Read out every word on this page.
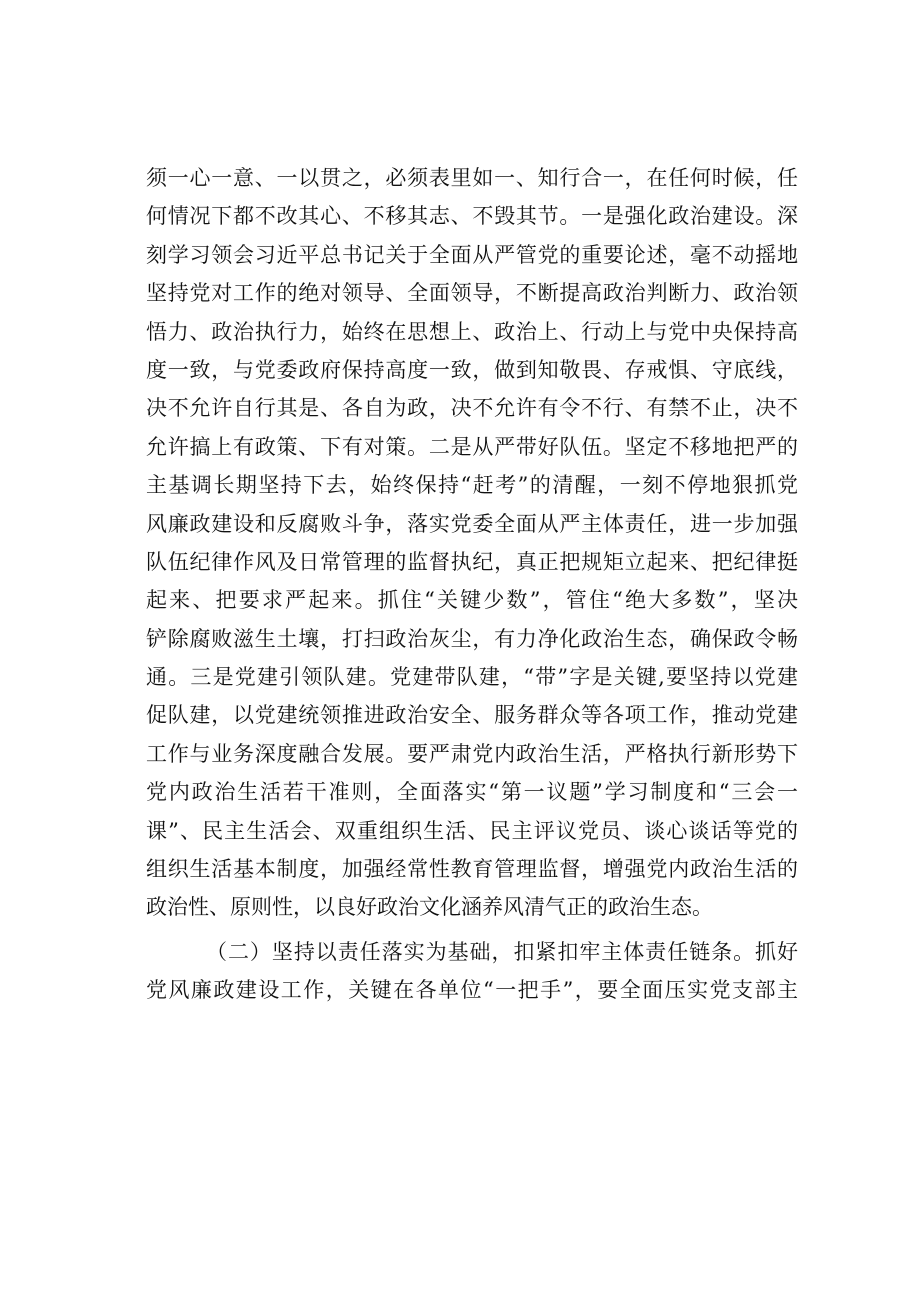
须一心一意、一以贯之，必须表里如一、知行合一，在任何时候，任
何情况下都不改其心、不移其志、不毁其节。一是强化政治建设。深
刻学习领会习近平总书记关于全面从严管党的重要论述，毫不动摇地
坚持党对工作的绝对领导、全面领导，不断提高政治判断力、政治领
悟力、政治执行力，始终在思想上、政治上、行动上与党中央保持高
度一致，与党委政府保持高度一致，做到知敬畏、存戒惧、守底线，
决不允许自行其是、各自为政，决不允许有令不行、有禁不止，决不
允许搞上有政策、下有对策。二是从严带好队伍。坚定不移地把严的
主基调长期坚持下去，始终保持“赶考”的清醒，一刻不停地狠抓党
风廉政建设和反腐败斗争，落实党委全面从严主体责任，进一步加强
队伍纪律作风及日常管理的监督执纪，真正把规矩立起来、把纪律挺
起来、把要求严起来。抓住“关键少数”，管住“绝大多数”，坚决
铲除腐败滋生土壤，打扫政治灰尘，有力净化政治生态，确保政令畅
通。三是党建引领队建。党建带队建，“带”字是关键,要坚持以党建
促队建，以党建统领推进政治安全、服务群众等各项工作，推动党建
工作与业务深度融合发展。要严肃党内政治生活，严格执行新形势下
党内政治生活若干准则，全面落实“第一议题”学习制度和“三会一
课”、民主生活会、双重组织生活、民主评议党员、谈心谈话等党的
组织生活基本制度，加强经常性教育管理监督，增强党内政治生活的
政治性、原则性，以良好政治文化涵养风清气正的政治生态。
（二）坚持以责任落实为基础，扣紧扣牢主体责任链条。抓好
党风廉政建设工作，关键在各单位“一把手”，要全面压实党支部主
